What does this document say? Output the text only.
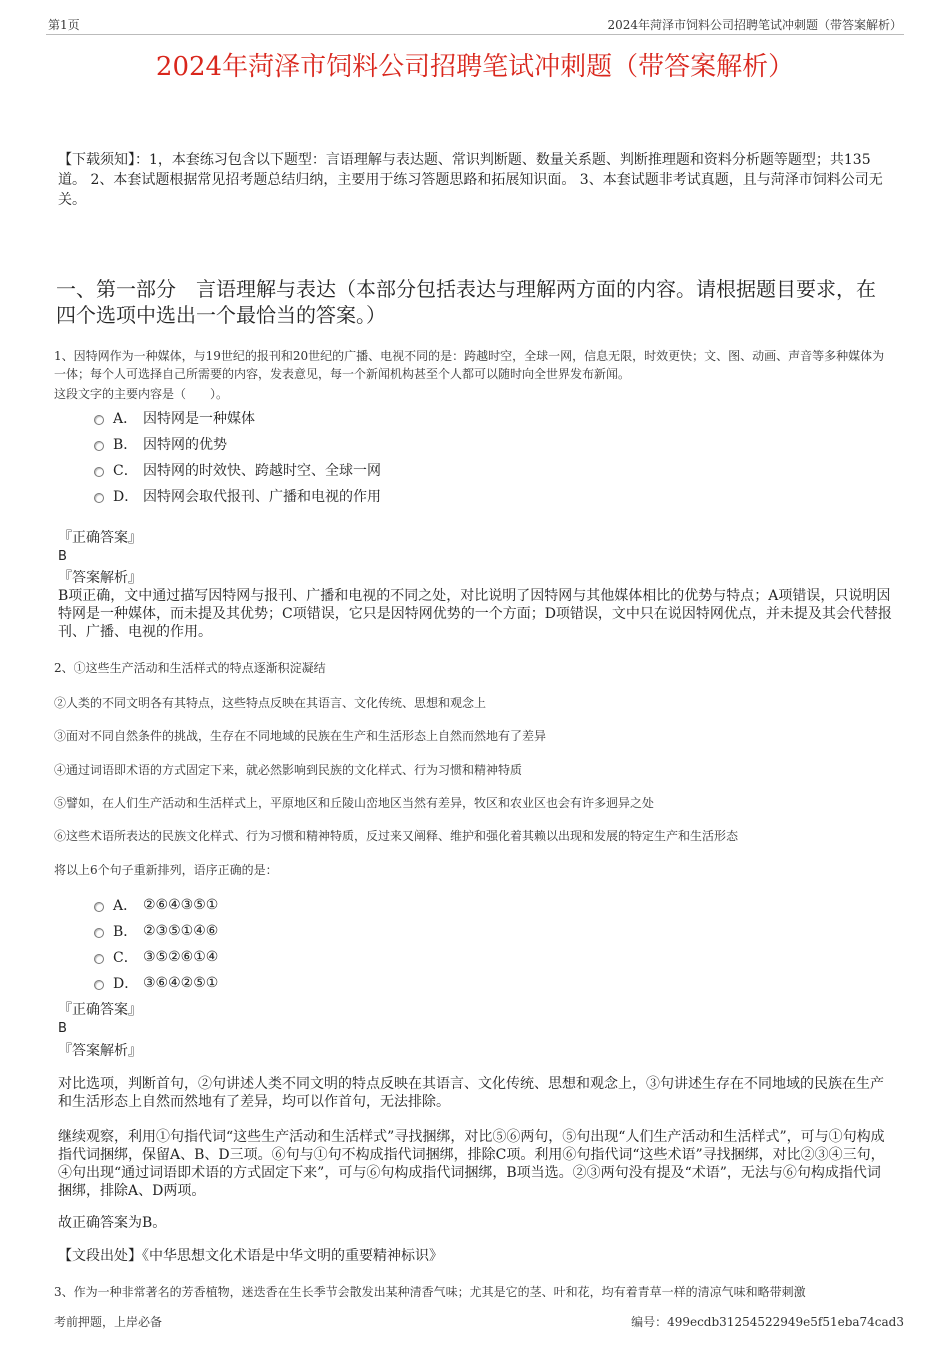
第1页	2024年菏泽市饲料公司招聘笔试冲刺题（带答案解析）
2024年菏泽市饲料公司招聘笔试冲刺题（带答案解析）
【下载须知】：1，本套练习包含以下题型：言语理解与表达题、常识判断题、数量关系题、判断推理题和资料分析题等题型；共135道。 2、本套试题根据常见招考题总结归纳，主要用于练习答题思路和拓展知识面。 3、本套试题非考试真题，且与菏泽市饲料公司无关。
一、第一部分　言语理解与表达（本部分包括表达与理解两方面的内容。请根据题目要求，在四个选项中选出一个最恰当的答案。）
1、因特网作为一种媒体，与19世纪的报刊和20世纪的广播、电视不同的是：跨越时空，全球一网，信息无限，时效更快；文、图、动画、声音等多种媒体为一体；每个人可选择自己所需要的内容，发表意见，每一个新闻机构甚至个人都可以随时向全世界发布新闻。
这段文字的主要内容是（　　）。
A． 因特网是一种媒体
B． 因特网的优势
C． 因特网的时效快、跨越时空、全球一网
D． 因特网会取代报刊、广播和电视的作用
『正确答案』
B
『答案解析』
B项正确，文中通过描写因特网与报刊、广播和电视的不同之处，对比说明了因特网与其他媒体相比的优势与特点；A项错误，只说明因特网是一种媒体，而未提及其优势；C项错误，它只是因特网优势的一个方面；D项错误，文中只在说因特网优点，并未提及其会代替报刊、广播、电视的作用。
2、①这些生产活动和生活样式的特点逐渐积淀凝结
②人类的不同文明各有其特点，这些特点反映在其语言、文化传统、思想和观念上
③面对不同自然条件的挑战，生存在不同地域的民族在生产和生活形态上自然而然地有了差异
④通过词语即术语的方式固定下来，就必然影响到民族的文化样式、行为习惯和精神特质
⑤譬如，在人们生产活动和生活样式上，平原地区和丘陵山峦地区当然有差异，牧区和农业区也会有许多迥异之处
⑥这些术语所表达的民族文化样式、行为习惯和精神特质，反过来又阐释、维护和强化着其赖以出现和发展的特定生产和生活形态
将以上6个句子重新排列，语序正确的是：
A． ②⑥④③⑤①
B． ②③⑤①④⑥
C． ③⑤②⑥①④
D． ③⑥④②⑤①
『正确答案』
B
『答案解析』
对比选项，判断首句，②句讲述人类不同文明的特点反映在其语言、文化传统、思想和观念上，③句讲述生存在不同地域的民族在生产和生活形态上自然而然地有了差异，均可以作首句，无法排除。
继续观察，利用①句指代词“这些生产活动和生活样式”寻找捆绑，对比⑤⑥两句，⑤句出现“人们生产活动和生活样式”，可与①句构成指代词捆绑，保留A、B、D三项。⑥句与①句不构成指代词捆绑，排除C项。利用⑥句指代词“这些术语”寻找捆绑，对比②③④三句，④句出现“通过词语即术语的方式固定下来”，可与⑥句构成指代词捆绑，B项当选。②③两句没有提及“术语”，无法与⑥句构成指代词捆绑，排除A、D两项。
故正确答案为B。
【文段出处】《中华思想文化术语是中华文明的重要精神标识》
3、作为一种非常著名的芳香植物，迷迭香在生长季节会散发出某种清香气味；尤其是它的茎、叶和花，均有着青草一样的清凉气味和略带刺激
考前押题，上岸必备	编号：499ecdb31254522949e5f51eba74cad3
